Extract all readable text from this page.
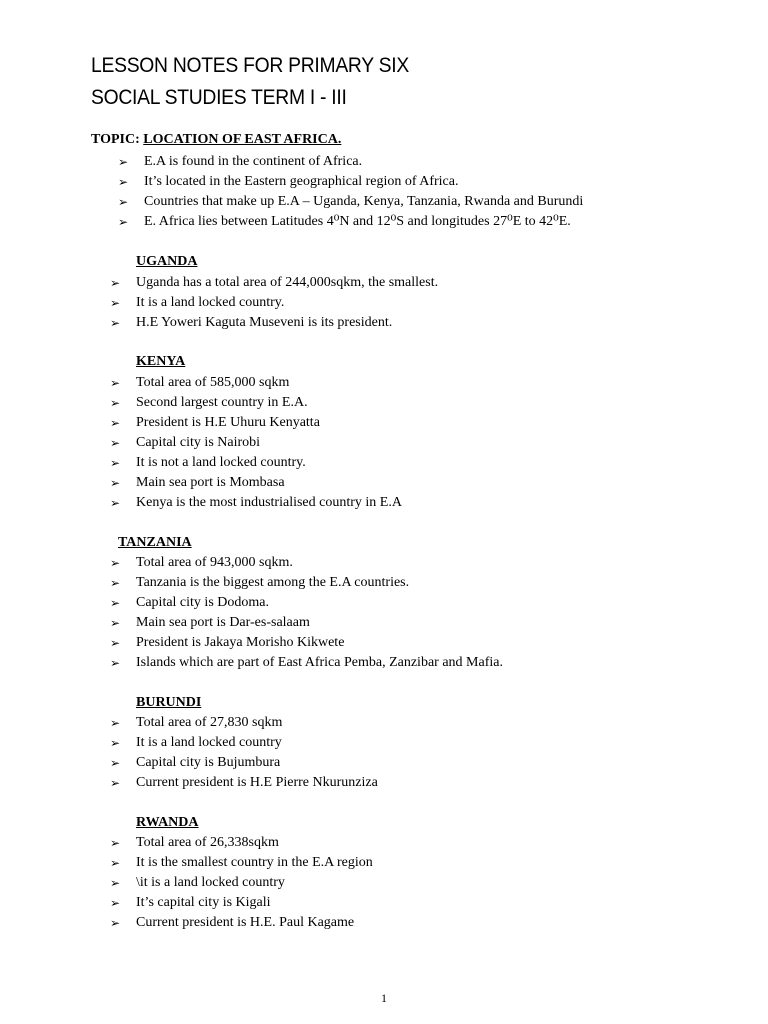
LESSON NOTES FOR PRIMARY SIX
SOCIAL STUDIES TERM I - III
TOPIC: LOCATION OF EAST AFRICA.
➢ E.A is found in the continent of Africa.
➢ It’s located in the Eastern geographical region of Africa.
➢ Countries that make up E.A – Uganda, Kenya, Tanzania, Rwanda and Burundi
➢ E. Africa lies between Latitudes 4⁰N and 12⁰S and longitudes 27⁰E to 42⁰E.
UGANDA
➢ Uganda has a total area of 244,000sqkm, the smallest.
➢ It is a land locked country.
➢ H.E Yoweri Kaguta Museveni is its president.
KENYA
➢ Total area of 585,000 sqkm
➢ Second largest country in E.A.
➢ President is H.E Uhuru Kenyatta
➢ Capital city is Nairobi
➢ It is not a land locked country.
➢ Main sea port is Mombasa
➢ Kenya is the most industrialised country in E.A
TANZANIA
➢ Total area of 943,000 sqkm.
➢ Tanzania is the biggest among the E.A countries.
➢ Capital city is Dodoma.
➢ Main sea port is Dar-es-salaam
➢ President is Jakaya Morisho Kikwete
➢ Islands which are part of East Africa Pemba, Zanzibar and Mafia.
BURUNDI
➢ Total area of 27,830 sqkm
➢ It is a land locked country
➢ Capital city is Bujumbura
➢ Current president is H.E Pierre Nkurunziza
RWANDA
➢ Total area of 26,338sqkm
➢ It is the smallest country in the E.A region
➢ \it is a land locked country
➢ It’s capital city is Kigali
➢ Current president is H.E. Paul Kagame
1
